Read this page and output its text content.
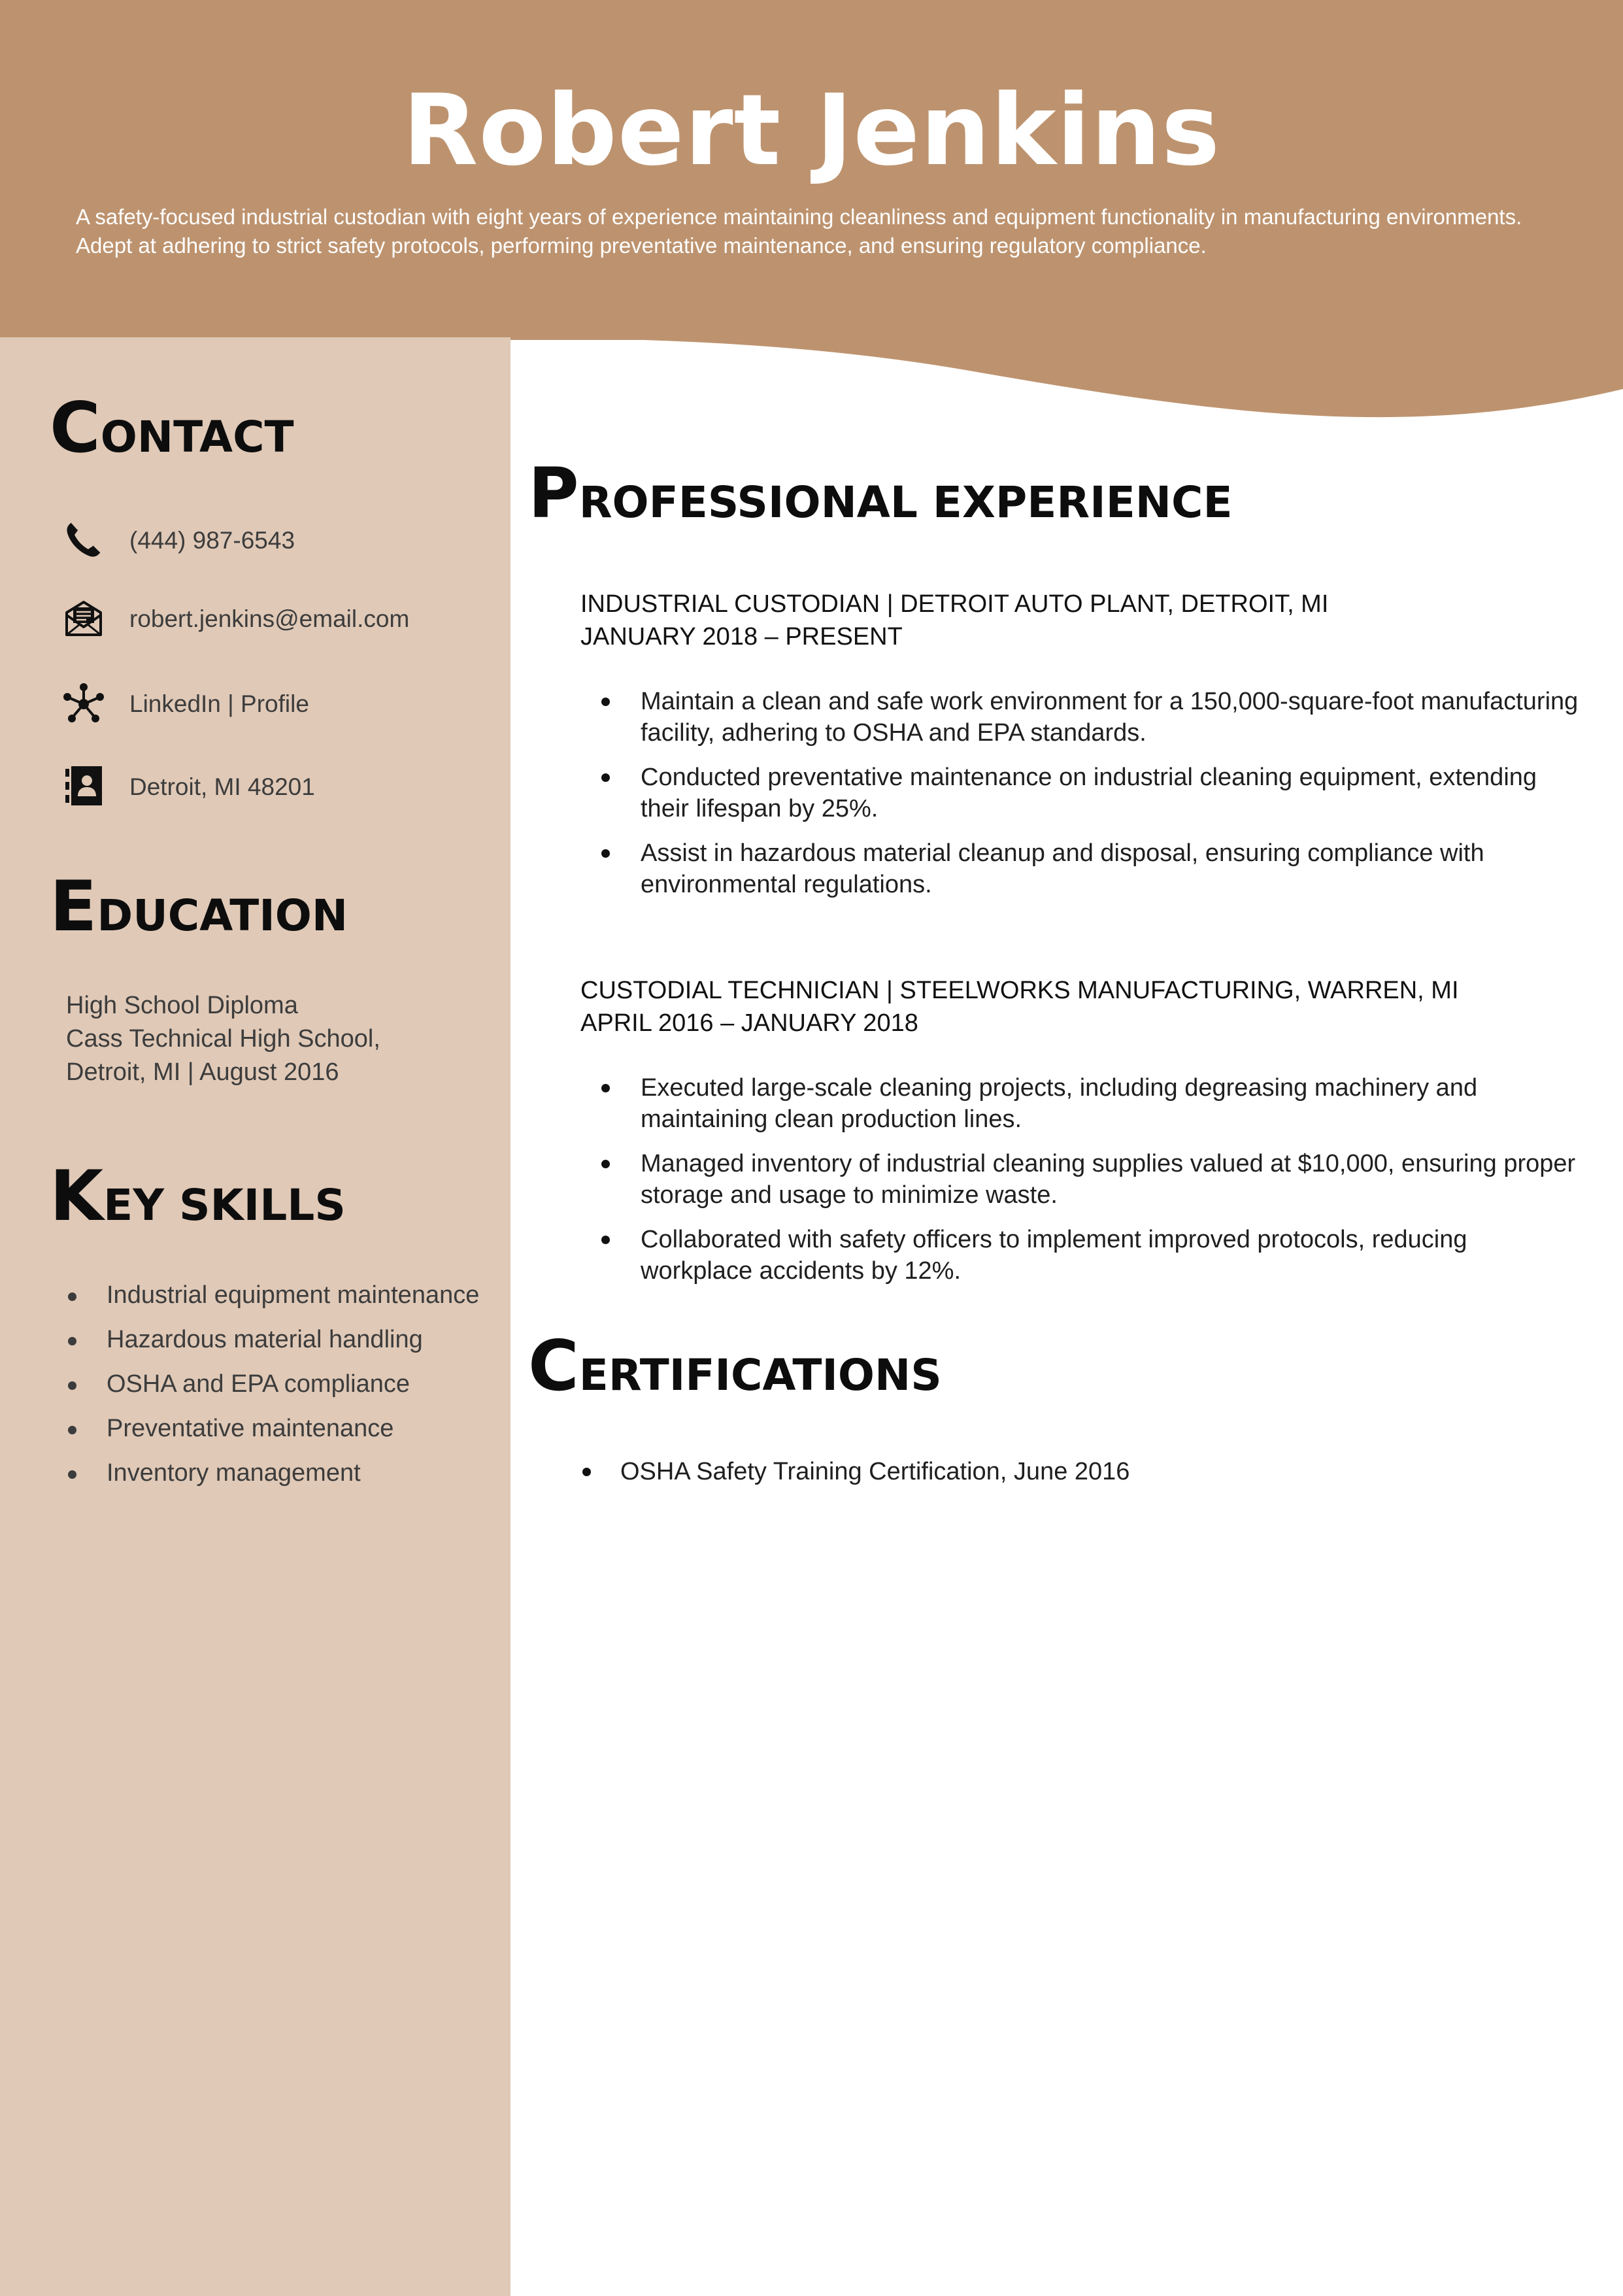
Robert Jenkins

A safety-focused industrial custodian with eight years of experience maintaining cleanliness and equipment functionality in manufacturing environments. Adept at adhering to strict safety protocols, performing preventative maintenance, and ensuring regulatory compliance.

CONTACT
(444) 987-6543
robert.jenkins@email.com
LinkedIn | Profile
Detroit, MI 48201
EDUCATION
High School Diploma
Cass Technical High School,
Detroit, MI | August 2016
KEY SKILLS
Industrial equipment maintenance
Hazardous material handling
OSHA and EPA compliance
Preventative maintenance
Inventory management
PROFESSIONAL EXPERIENCE
INDUSTRIAL CUSTODIAN | DETROIT AUTO PLANT, DETROIT, MI
JANUARY 2018 – PRESENT
Maintain a clean and safe work environment for a 150,000-square-foot manufacturing facility, adhering to OSHA and EPA standards.
Conducted preventative maintenance on industrial cleaning equipment, extending their lifespan by 25%.
Assist in hazardous material cleanup and disposal, ensuring compliance with environmental regulations.
CUSTODIAL TECHNICIAN | STEELWORKS MANUFACTURING, WARREN, MI
APRIL 2016 – JANUARY 2018
Executed large-scale cleaning projects, including degreasing machinery and maintaining clean production lines.
Managed inventory of industrial cleaning supplies valued at $10,000, ensuring proper storage and usage to minimize waste.
Collaborated with safety officers to implement improved protocols, reducing workplace accidents by 12%.
CERTIFICATIONS
OSHA Safety Training Certification, June 2016
